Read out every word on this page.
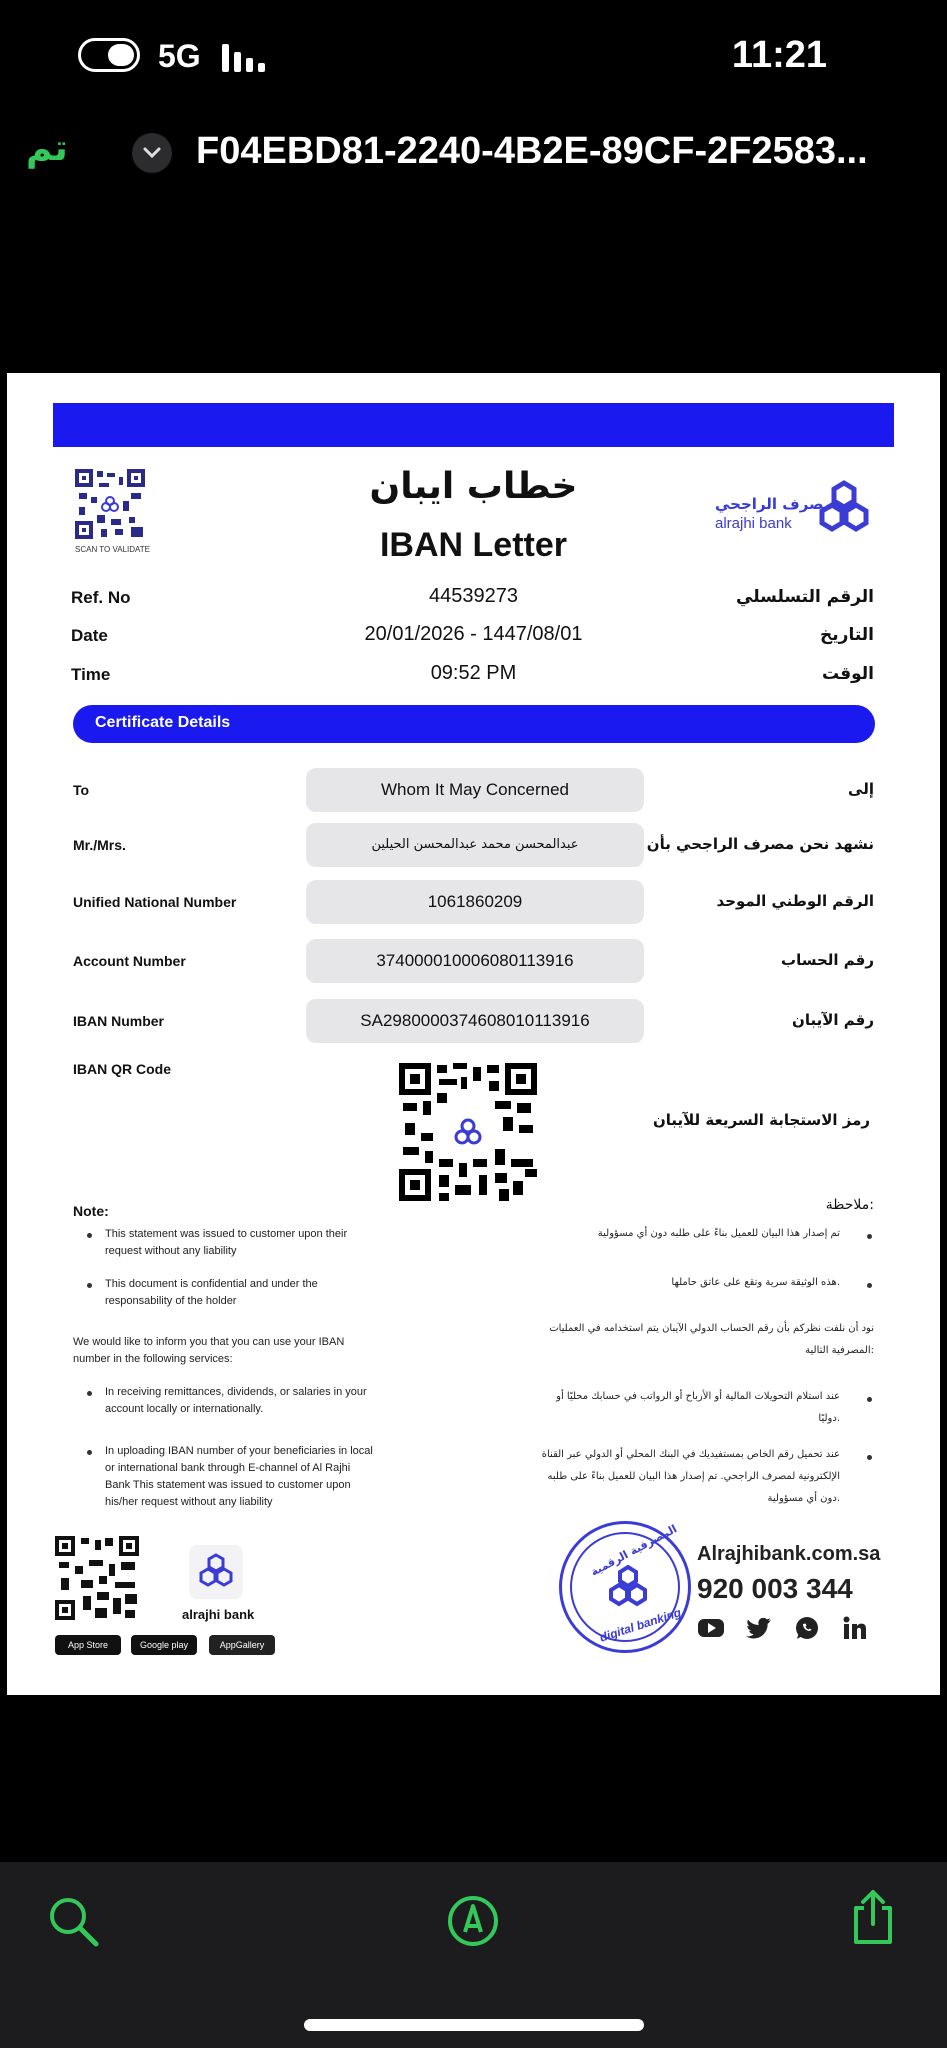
5G	11:21
تم	F04EBD81-2240-4B2E-89CF-2F2583...
SCAN TO VALIDATE
خطاب ايبان
IBAN Letter
مصرف الراجحي
alrajhi bank
Ref. No	44539273	الرقم التسلسلي
Date	20/01/2026 - 1447/08/01	التاريخ
Time	09:52 PM	الوقت
Certificate Details
To	Whom It May Concerned	إلى
Mr./Mrs.	عبدالمحسن محمد عبدالمحسن الحيلين	نشهد نحن مصرف الراجحي بأن
Unified National Number	1061860209	الرقم الوطني الموحد
Account Number	374000010006080113916	رقم الحساب
IBAN Number	SA2980000374608010113916	رقم الآيبان
IBAN QR Code
رمز الاستجابة السريعة للآيبان
Note:	ملاحظة:
This statement was issued to customer upon their request without any liability
This document is confidential and under the responsability of the holder
We would like to inform you that you can use your IBAN number in the following services:
In receiving remittances, dividends, or salaries in your account locally or internationally.
In uploading IBAN number of your beneficiaries in local or international bank through E-channel of Al Rajhi Bank This statement was issued to customer upon his/her request without any liability
تم إصدار هذا البيان للعميل بناءً على طلبه دون أي مسؤولية
هذه الوثيقة سرية وتقع على عاتق حاملها.
نود أن نلفت نظركم بأن رقم الحساب الدولي الآيبان يتم استخدامه في العمليات المصرفية التالية:
عند استلام التحويلات المالية أو الأرباح أو الرواتب في حسابك محليًا أو دوليًا.
عند تحميل رقم الخاص بمستفيديك في البنك المحلي أو الدولي عبر القناة الإلكترونية لمصرف الراجحي. تم إصدار هذا البيان للعميل بناءً على طلبه دون أي مسؤولية.
alrajhi bank
App Store	Google play	AppGallery
المصرفية الرقمية
digital banking
Alrajhibank.com.sa
920 003 344
